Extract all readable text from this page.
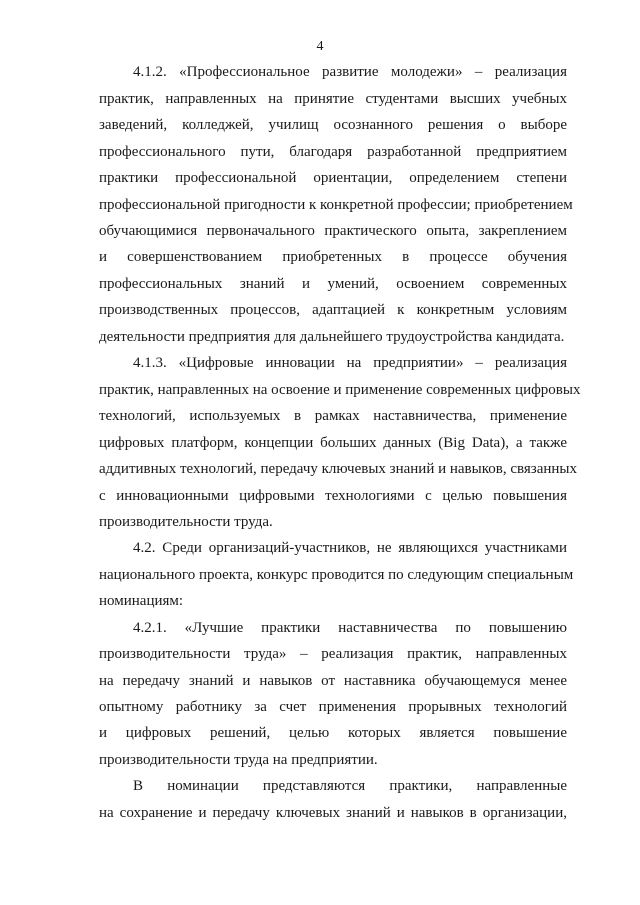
4
4.1.2. «Профессиональное развитие молодежи» – реализация
практик, направленных на принятие студентами высших учебных
заведений, колледжей, училищ осознанного решения о выборе
профессионального пути, благодаря разработанной предприятием
практики профессиональной ориентации, определением степени
профессиональной пригодности к конкретной профессии; приобретением
обучающимися первоначального практического опыта, закреплением
и совершенствованием приобретенных в процессе обучения
профессиональных знаний и умений, освоением современных
производственных процессов, адаптацией к конкретным условиям
деятельности предприятия для дальнейшего трудоустройства кандидата.
4.1.3. «Цифровые инновации на предприятии» – реализация
практик, направленных на освоение и применение современных цифровых
технологий, используемых в рамках наставничества, применение
цифровых платформ, концепции больших данных (Big Data), а также
аддитивных технологий, передачу ключевых знаний и навыков, связанных
с инновационными цифровыми технологиями с целью повышения
производительности труда.
4.2. Среди организаций-участников, не являющихся участниками
национального проекта, конкурс проводится по следующим специальным
номинациям:
4.2.1. «Лучшие практики наставничества по повышению
производительности труда» – реализация практик, направленных
на передачу знаний и навыков от наставника обучающемуся менее
опытному работнику за счет применения прорывных технологий
и цифровых решений, целью которых является повышение
производительности труда на предприятии.
В номинации представляются практики, направленные
на сохранение и передачу ключевых знаний и навыков в организации,
